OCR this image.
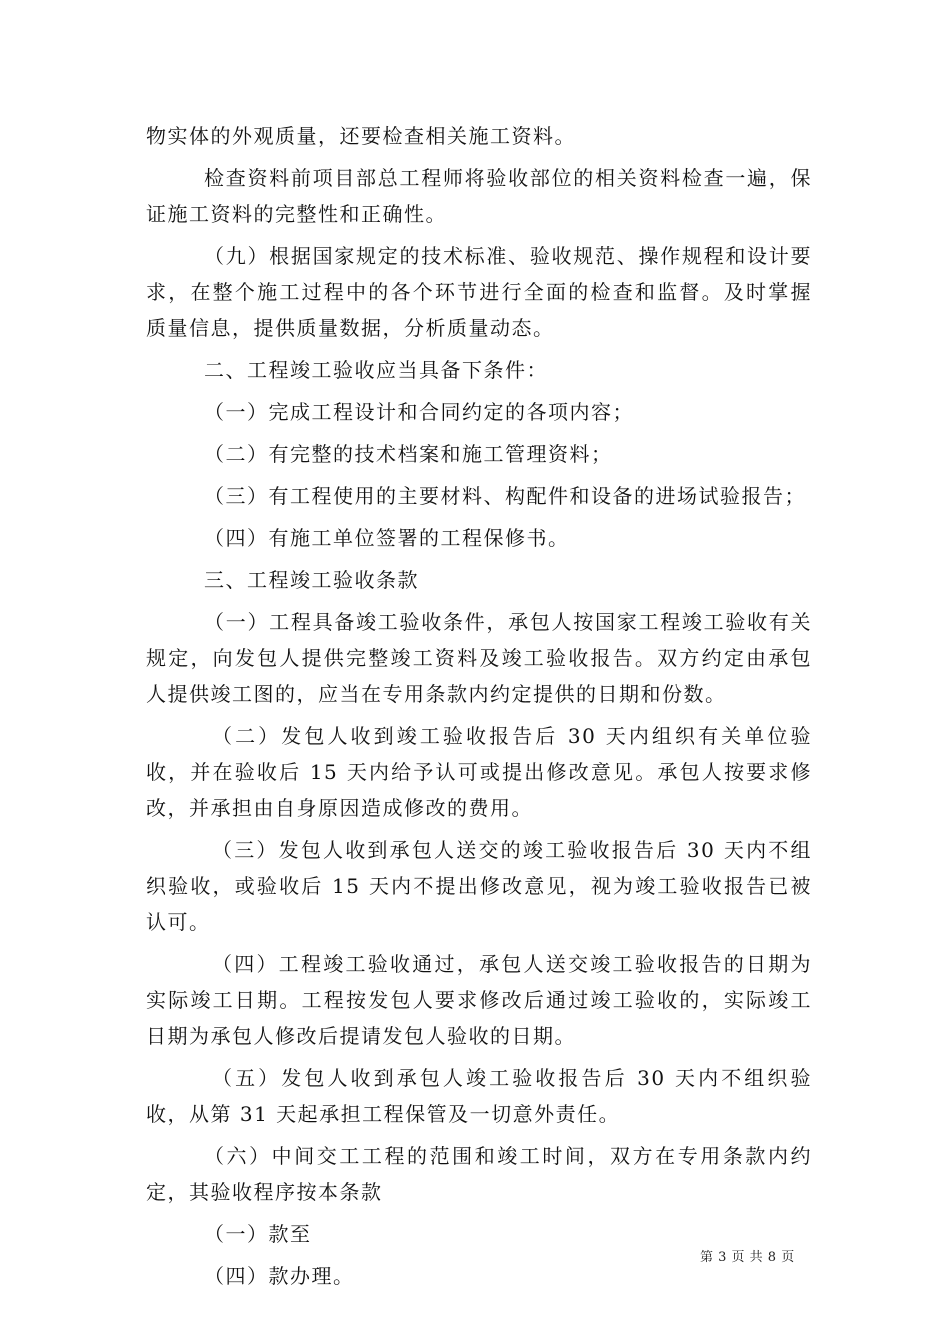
物实体的外观质量，还要检查相关施工资料。

检查资料前项目部总工程师将验收部位的相关资料检查一遍，保证施工资料的完整性和正确性。

（九）根据国家规定的技术标准、验收规范、操作规程和设计要求，在整个施工过程中的各个环节进行全面的检查和监督。及时掌握质量信息，提供质量数据，分析质量动态。

二、工程竣工验收应当具备下条件：

（一）完成工程设计和合同约定的各项内容；

（二）有完整的技术档案和施工管理资料；

（三）有工程使用的主要材料、构配件和设备的进场试验报告；

（四）有施工单位签署的工程保修书。

三、工程竣工验收条款

（一）工程具备竣工验收条件，承包人按国家工程竣工验收有关规定，向发包人提供完整竣工资料及竣工验收报告。双方约定由承包人提供竣工图的，应当在专用条款内约定提供的日期和份数。

（二）发包人收到竣工验收报告后 30 天内组织有关单位验收，并在验收后 15 天内给予认可或提出修改意见。承包人按要求修改，并承担由自身原因造成修改的费用。

（三）发包人收到承包人送交的竣工验收报告后 30 天内不组织验收，或验收后 15 天内不提出修改意见，视为竣工验收报告已被认可。

（四）工程竣工验收通过，承包人送交竣工验收报告的日期为实际竣工日期。工程按发包人要求修改后通过竣工验收的，实际竣工日期为承包人修改后提请发包人验收的日期。

（五）发包人收到承包人竣工验收报告后 30 天内不组织验收，从第 31 天起承担工程保管及一切意外责任。

（六）中间交工工程的范围和竣工时间，双方在专用条款内约定，其验收程序按本条款

（一）款至

（四）款办理。

第 3 页 共 8 页
